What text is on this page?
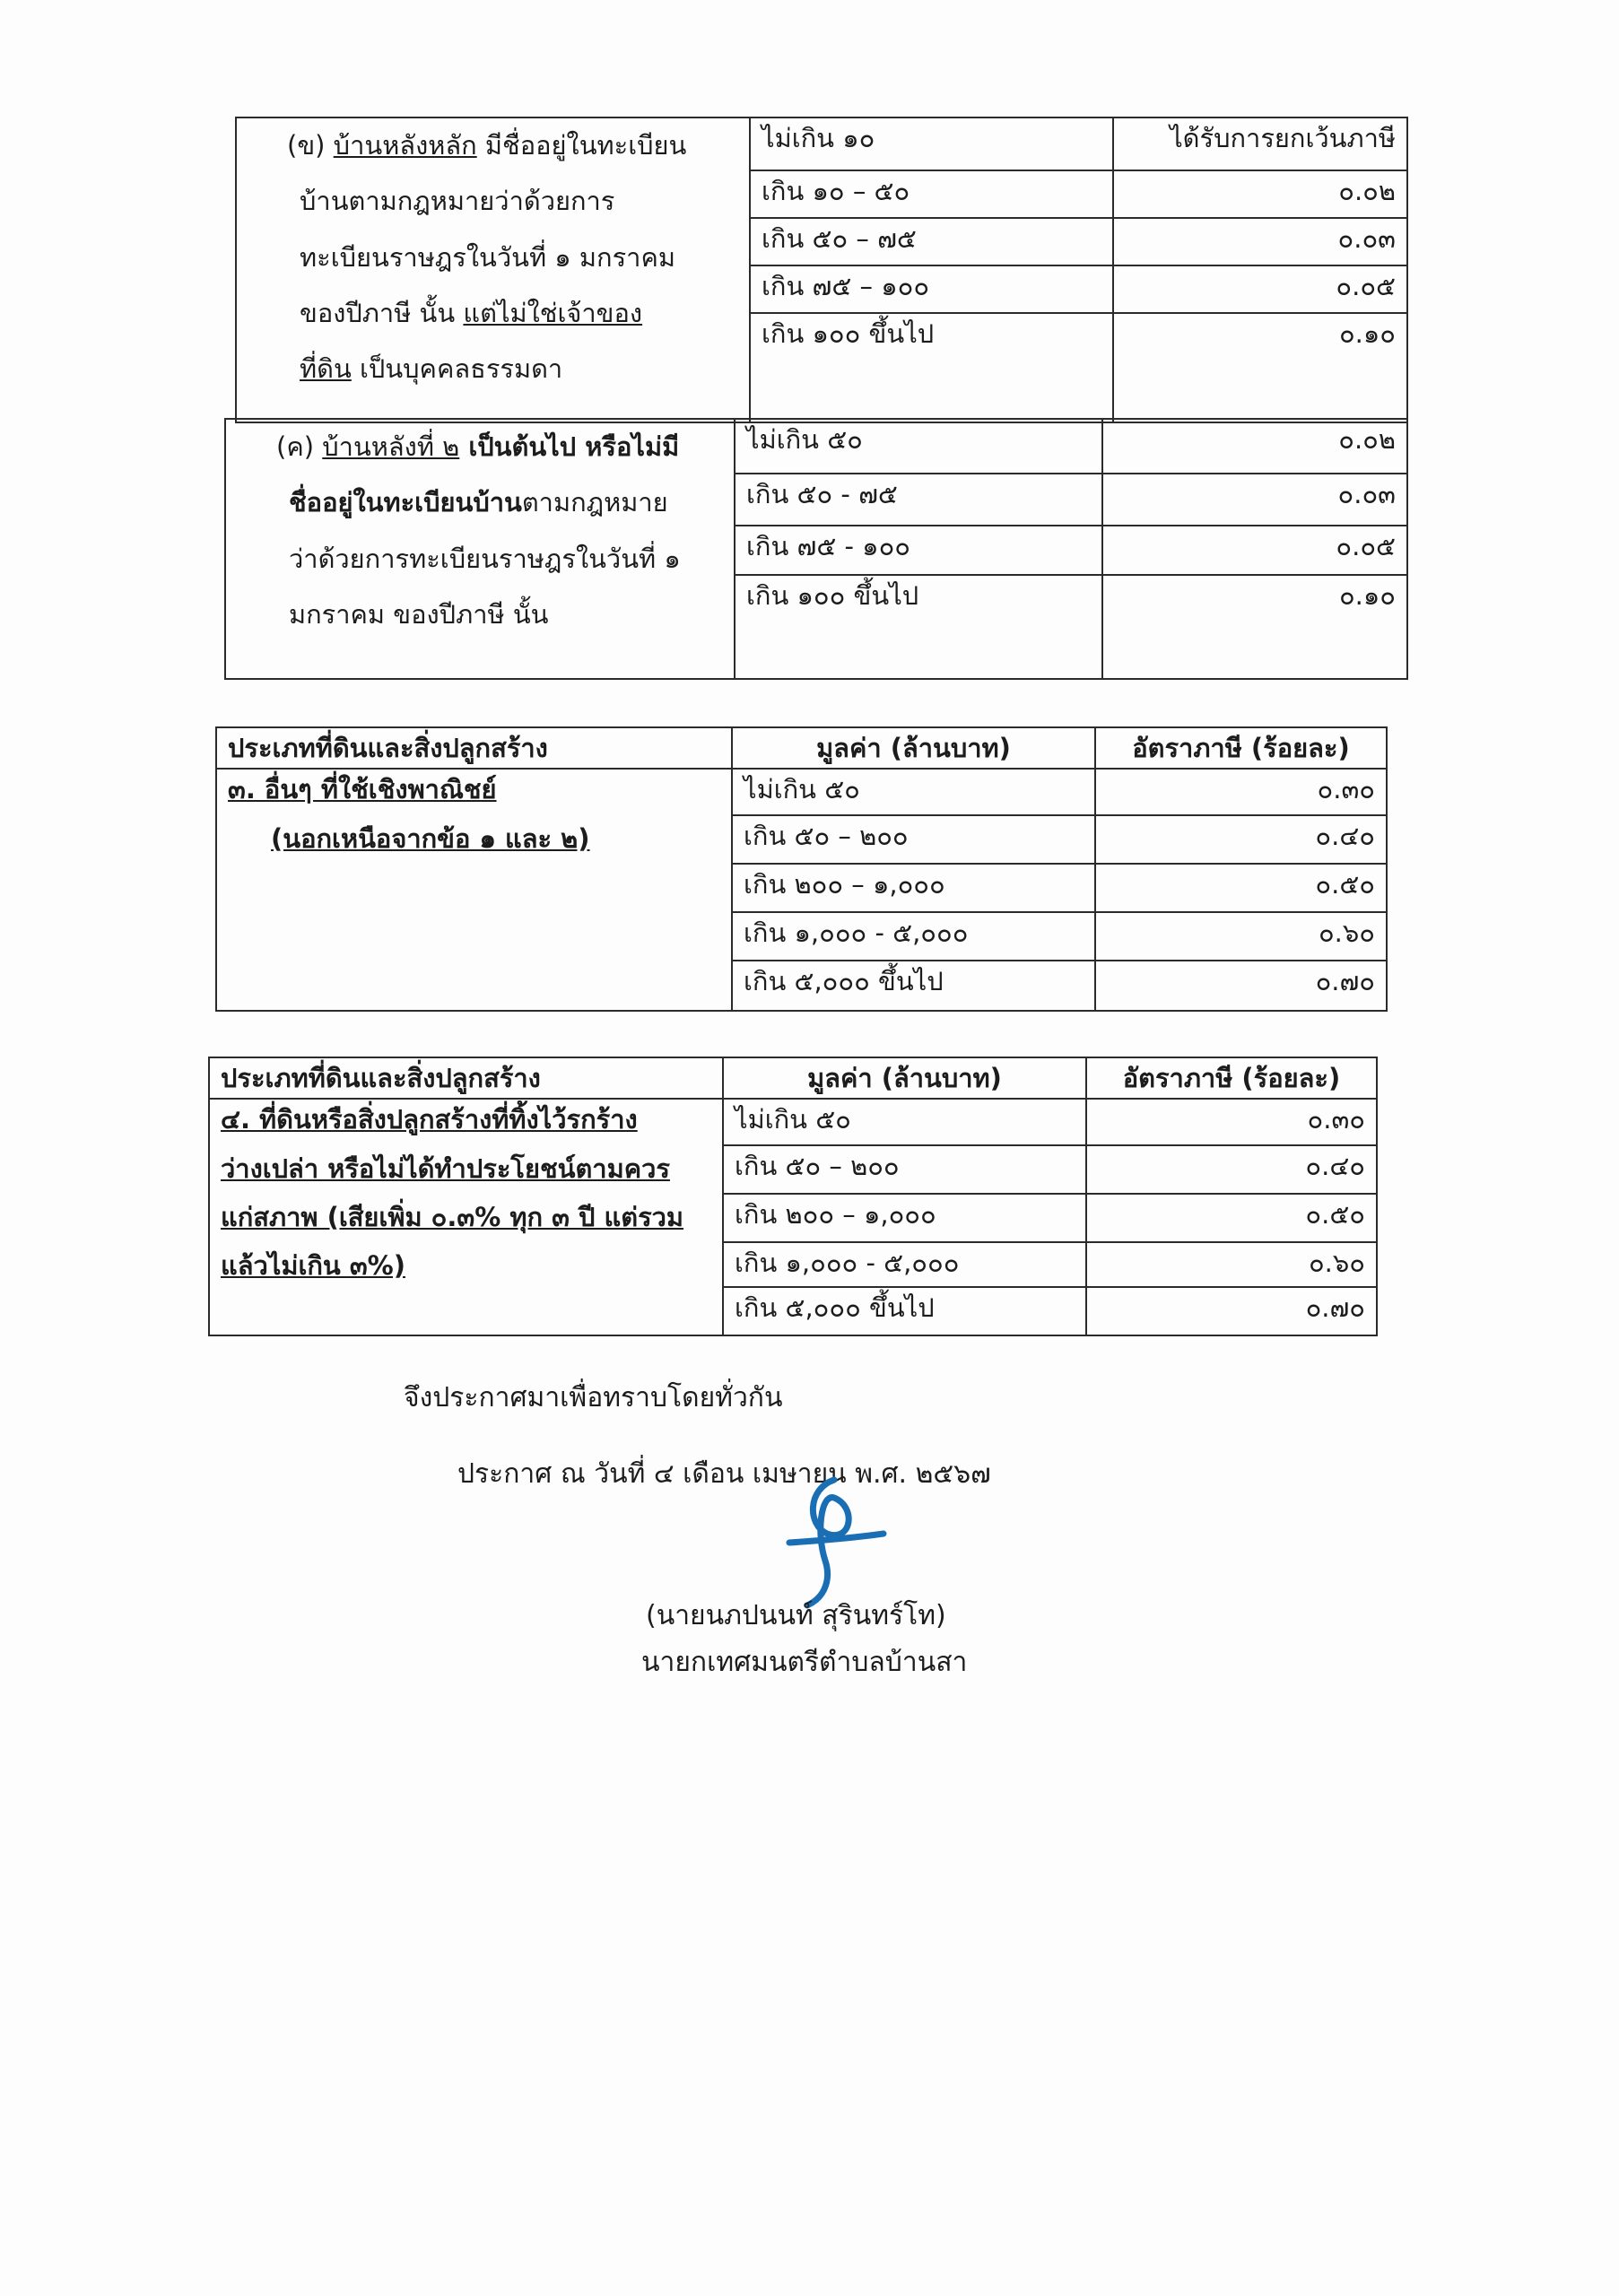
(ข) บ้านหลังหลัก มีชื่ออยู่ในทะเบียน
บ้านตามกฎหมายว่าด้วยการ
ทะเบียนราษฎรในวันที่ ๑ มกราคม
ของปีภาษี นั้น แต่ไม่ใช่เจ้าของ
ที่ดิน เป็นบุคคลธรรมดา	ไม่เกิน ๑๐	ได้รับการยกเว้นภาษี
	เกิน ๑๐ – ๕๐	๐.๐๒
	เกิน ๕๐ – ๗๕	๐.๐๓
	เกิน ๗๕ – ๑๐๐	๐.๐๕
	เกิน ๑๐๐ ขึ้นไป	๐.๑๐
(ค) บ้านหลังที่ ๒ เป็นต้นไป หรือไม่มี
ชื่ออยู่ในทะเบียนบ้านตามกฎหมาย
ว่าด้วยการทะเบียนราษฎรในวันที่ ๑
มกราคม ของปีภาษี นั้น	ไม่เกิน ๕๐	๐.๐๒
	เกิน ๕๐ - ๗๕	๐.๐๓
	เกิน ๗๕ - ๑๐๐	๐.๐๕
	เกิน ๑๐๐ ขึ้นไป	๐.๑๐
ประเภทที่ดินและสิ่งปลูกสร้าง	มูลค่า (ล้านบาท)	อัตราภาษี (ร้อยละ)

๓. อื่นๆ ที่ใช้เชิงพาณิชย์
(นอกเหนือจากข้อ ๑ และ ๒)	ไม่เกิน ๕๐	๐.๓๐
	เกิน ๕๐ – ๒๐๐	๐.๔๐
	เกิน ๒๐๐ – ๑,๐๐๐	๐.๕๐
	เกิน ๑,๐๐๐ - ๕,๐๐๐	๐.๖๐
	เกิน ๕,๐๐๐ ขึ้นไป	๐.๗๐
ประเภทที่ดินและสิ่งปลูกสร้าง	มูลค่า (ล้านบาท)	อัตราภาษี (ร้อยละ)

๔. ที่ดินหรือสิ่งปลูกสร้างที่ทิ้งไว้รกร้าง
ว่างเปล่า หรือไม่ได้ทำประโยชน์ตามควร
แก่สภาพ (เสียเพิ่ม ๐.๓% ทุก ๓ ปี แต่รวม
แล้วไม่เกิน ๓%)	ไม่เกิน ๕๐	๐.๓๐
	เกิน ๕๐ – ๒๐๐	๐.๔๐
	เกิน ๒๐๐ – ๑,๐๐๐	๐.๕๐
	เกิน ๑,๐๐๐ - ๕,๐๐๐	๐.๖๐
	เกิน ๕,๐๐๐ ขึ้นไป	๐.๗๐
จึงประกาศมาเพื่อทราบโดยทั่วกัน
ประกาศ ณ วันที่ ๔ เดือน เมษายน พ.ศ. ๒๕๖๗
(นายนภปนนท์ สุรินทร์โท)
นายกเทศมนตรีตำบลบ้านสา
